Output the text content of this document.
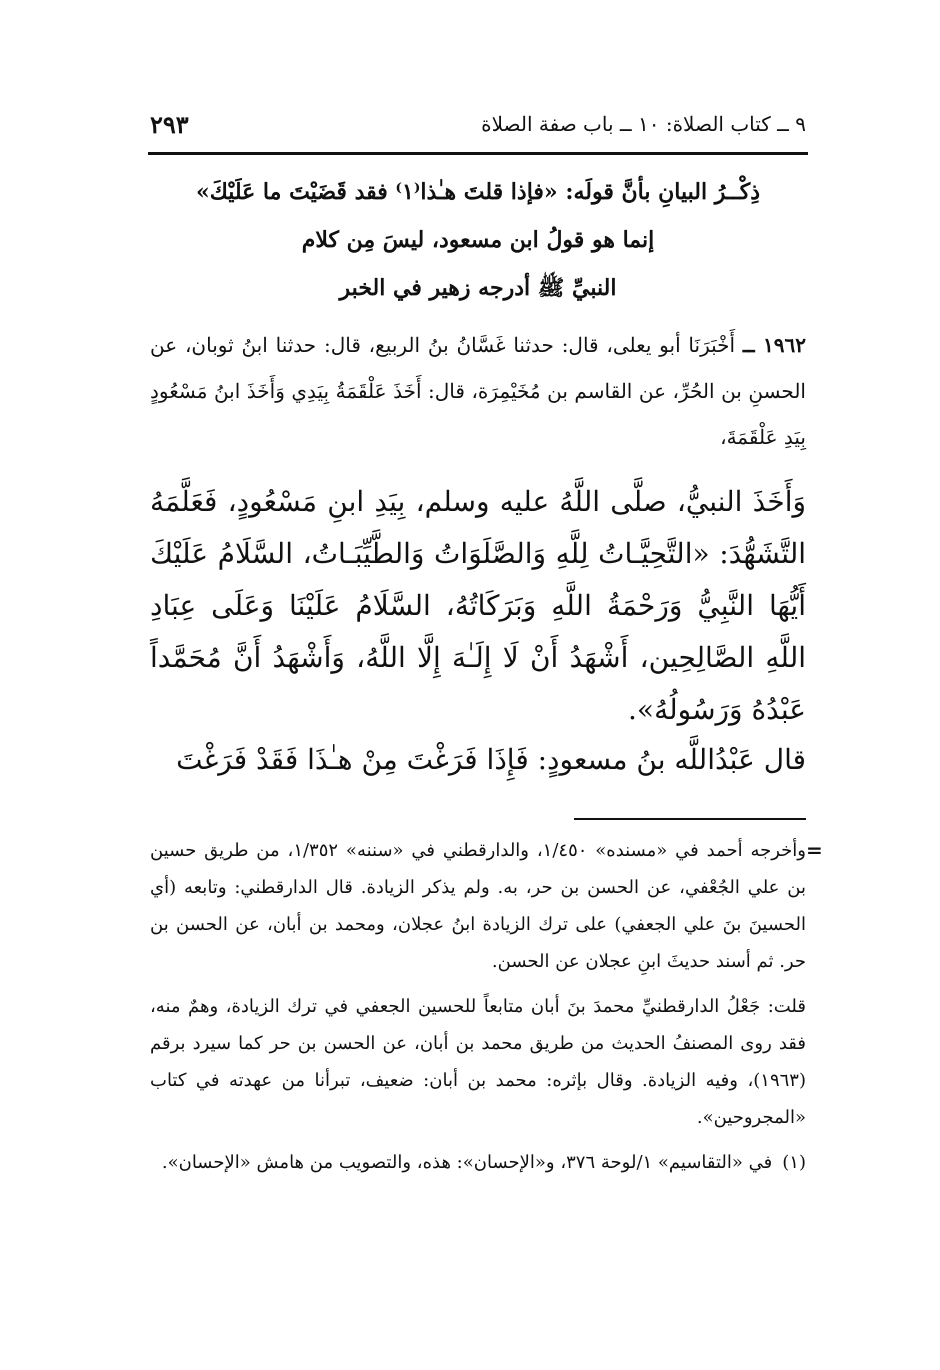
٩ ــ كتاب الصلاة: ١٠ ــ باب صفة الصلاة
٢٩٣
ذِكْــرُ البيانِ بأنَّ قولَه: «فإذا قلتَ هـٰذا⁽١⁾ فقد قَضَيْتَ ما عَلَيْكَ»
إنما هو قولُ ابن مسعود، ليسَ مِن كلام
النبيِّ ﷺ أدرجه زهير في الخبر
١٩٦٢ ــ أَخْبَرَنَا أبو يعلى، قال: حدثنا غَسَّانُ بنُ الربيع، قال: حدثنا ابنُ ثوبان، عن الحسنِ بن الحُرِّ، عن القاسم بن مُخَيْمِرَة، قال: أَخَذَ عَلْقَمَةُ بِيَدِي وَأَخَذَ ابنُ مَسْعُودٍ بِيَدِ عَلْقَمَةَ،
وَأَخَذَ النبيُّ، صلَّى اللَّهُ عليه وسلم، بِيَدِ ابنِ مَسْعُودٍ، فَعَلَّمَهُ التَّشَهُّدَ: «التَّحِيَّـاتُ لِلَّهِ وَالصَّلَوَاتُ وَالطَّيِّبَـاتُ، السَّلَامُ عَلَيْكَ أَيُّهَا النَّبِيُّ وَرَحْمَةُ اللَّهِ وَبَرَكَاتُهُ، السَّلَامُ عَلَيْنَا وَعَلَى عِبَادِ اللَّهِ الصَّالِحِين، أَشْهَدُ أَنْ لَا إِلَـٰهَ إِلَّا اللَّهُ، وَأَشْهَدُ أَنَّ مُحَمَّداً عَبْدُهُ وَرَسُولُهُ».
قال عَبْدُاللَّه بنُ مسعودٍ: فَإِذَا فَرَغْتَ مِنْ هـٰذَا فَقَدْ فَرَغْتَ
=

وأخرجه أحمد في «مسنده» ١/٤٥٠، والدارقطني في «سننه» ١/٣٥٢، من طريق حسين بن علي الجُعْفي، عن الحسن بن حر، به. ولم يذكر الزيادة. قال الدارقطني: وتابعه (أي الحسينَ بنَ علي الجعفي) على ترك الزيادة ابنُ عجلان، ومحمد بن أبان، عن الحسن بن حر. ثم أسند حديثَ ابنِ عجلان عن الحسن.

قلت: جَعْلُ الدارقطنيِّ محمدَ بنَ أبان متابعاً للحسين الجعفي في ترك الزيادة، وهمٌ منه، فقد روى المصنفُ الحديث من طريق محمد بن أبان، عن الحسن بن حر كما سيرد برقم (١٩٦٣)، وفيه الزيادة. وقال بإثره: محمد بن أبان: ضعيف، تبرأنا من عهدته في كتاب «المجروحين».

(١)
في «التقاسيم» ١/لوحة ٣٧٦، و«الإحسان»: هذه، والتصويب من هامش «الإحسان».
